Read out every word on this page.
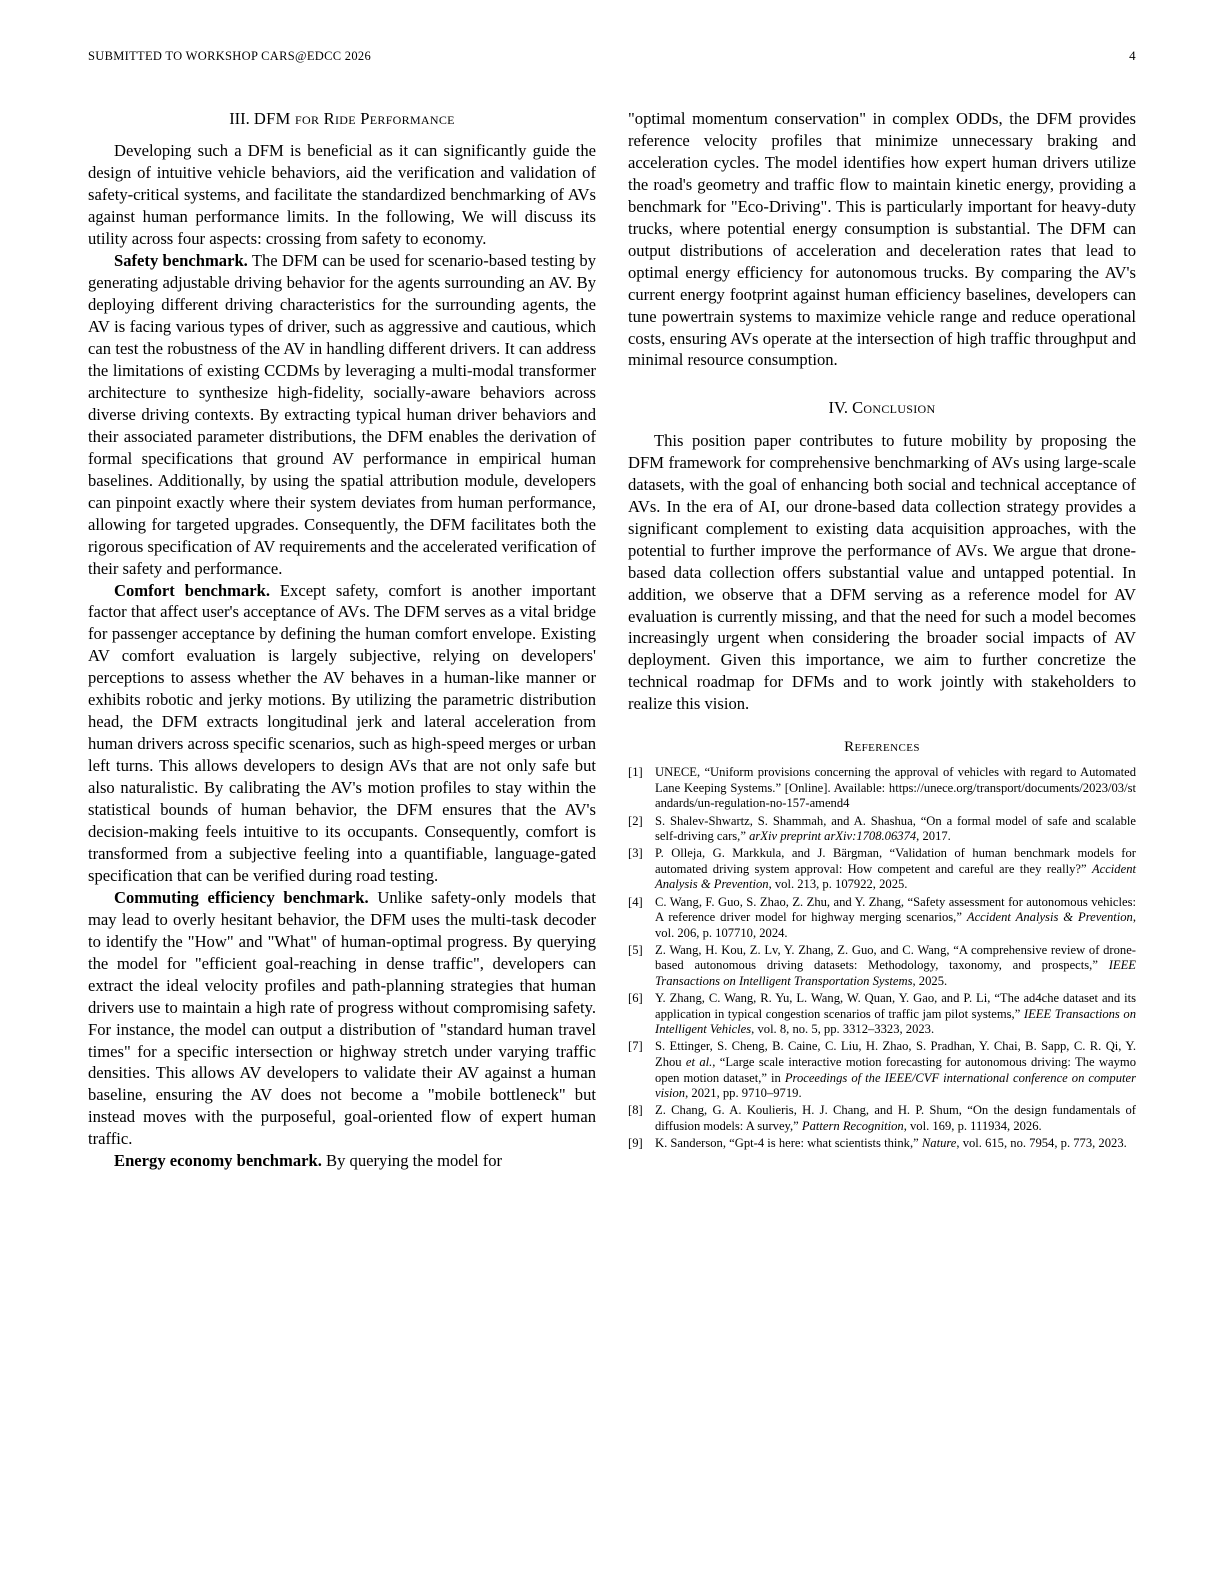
SUBMITTED TO WORKSHOP CARS@EDCC 2026	4
III. DFM for Ride Performance

Developing such a DFM is beneficial as it can significantly guide the design of intuitive vehicle behaviors, aid the verification and validation of safety-critical systems, and facilitate the standardized benchmarking of AVs against human performance limits. In the following, We will discuss its utility across four aspects: crossing from safety to economy.

Safety benchmark. The DFM can be used for scenario-based testing by generating adjustable driving behavior for the agents surrounding an AV. By deploying different driving characteristics for the surrounding agents, the AV is facing various types of driver, such as aggressive and cautious, which can test the robustness of the AV in handling different drivers. It can address the limitations of existing CCDMs by leveraging a multi-modal transformer architecture to synthesize high-fidelity, socially-aware behaviors across diverse driving contexts. By extracting typical human driver behaviors and their associated parameter distributions, the DFM enables the derivation of formal specifications that ground AV performance in empirical human baselines. Additionally, by using the spatial attribution module, developers can pinpoint exactly where their system deviates from human performance, allowing for targeted upgrades. Consequently, the DFM facilitates both the rigorous specification of AV requirements and the accelerated verification of their safety and performance.

Comfort benchmark. Except safety, comfort is another important factor that affect user's acceptance of AVs. The DFM serves as a vital bridge for passenger acceptance by defining the human comfort envelope. Existing AV comfort evaluation is largely subjective, relying on developers' perceptions to assess whether the AV behaves in a human-like manner or exhibits robotic and jerky motions. By utilizing the parametric distribution head, the DFM extracts longitudinal jerk and lateral acceleration from human drivers across specific scenarios, such as high-speed merges or urban left turns. This allows developers to design AVs that are not only safe but also naturalistic. By calibrating the AV's motion profiles to stay within the statistical bounds of human behavior, the DFM ensures that the AV's decision-making feels intuitive to its occupants. Consequently, comfort is transformed from a subjective feeling into a quantifiable, language-gated specification that can be verified during road testing.

Commuting efficiency benchmark. Unlike safety-only models that may lead to overly hesitant behavior, the DFM uses the multi-task decoder to identify the "How" and "What" of human-optimal progress. By querying the model for "efficient goal-reaching in dense traffic", developers can extract the ideal velocity profiles and path-planning strategies that human drivers use to maintain a high rate of progress without compromising safety. For instance, the model can output a distribution of "standard human travel times" for a specific intersection or highway stretch under varying traffic densities. This allows AV developers to validate their AV against a human baseline, ensuring the AV does not become a "mobile bottleneck" but instead moves with the purposeful, goal-oriented flow of expert human traffic.

Energy economy benchmark. By querying the model for

"optimal momentum conservation" in complex ODDs, the DFM provides reference velocity profiles that minimize unnecessary braking and acceleration cycles. The model identifies how expert human drivers utilize the road's geometry and traffic flow to maintain kinetic energy, providing a benchmark for "Eco-Driving". This is particularly important for heavy-duty trucks, where potential energy consumption is substantial. The DFM can output distributions of acceleration and deceleration rates that lead to optimal energy efficiency for autonomous trucks. By comparing the AV's current energy footprint against human efficiency baselines, developers can tune powertrain systems to maximize vehicle range and reduce operational costs, ensuring AVs operate at the intersection of high traffic throughput and minimal resource consumption.

IV. Conclusion

This position paper contributes to future mobility by proposing the DFM framework for comprehensive benchmarking of AVs using large-scale datasets, with the goal of enhancing both social and technical acceptance of AVs. In the era of AI, our drone-based data collection strategy provides a significant complement to existing data acquisition approaches, with the potential to further improve the performance of AVs. We argue that drone-based data collection offers substantial value and untapped potential. In addition, we observe that a DFM serving as a reference model for AV evaluation is currently missing, and that the need for such a model becomes increasingly urgent when considering the broader social impacts of AV deployment. Given this importance, we aim to further concretize the technical roadmap for DFMs and to work jointly with stakeholders to realize this vision.

References
[1] UNECE, “Uniform provisions concerning the approval of vehicles with regard to Automated Lane Keeping Systems.” [Online]. Available: https://unece.org/transport/documents/2023/03/standards/un-regulation-no-157-amend4
[2] S. Shalev-Shwartz, S. Shammah, and A. Shashua, “On a formal model of safe and scalable self-driving cars,” arXiv preprint arXiv:1708.06374, 2017.
[3] P. Olleja, G. Markkula, and J. Bärgman, “Validation of human benchmark models for automated driving system approval: How competent and careful are they really?” Accident Analysis & Prevention, vol. 213, p. 107922, 2025.
[4] C. Wang, F. Guo, S. Zhao, Z. Zhu, and Y. Zhang, “Safety assessment for autonomous vehicles: A reference driver model for highway merging scenarios,” Accident Analysis & Prevention, vol. 206, p. 107710, 2024.
[5] Z. Wang, H. Kou, Z. Lv, Y. Zhang, Z. Guo, and C. Wang, “A comprehensive review of drone-based autonomous driving datasets: Methodology, taxonomy, and prospects,” IEEE Transactions on Intelligent Transportation Systems, 2025.
[6] Y. Zhang, C. Wang, R. Yu, L. Wang, W. Quan, Y. Gao, and P. Li, “The ad4che dataset and its application in typical congestion scenarios of traffic jam pilot systems,” IEEE Transactions on Intelligent Vehicles, vol. 8, no. 5, pp. 3312–3323, 2023.
[7] S. Ettinger, S. Cheng, B. Caine, C. Liu, H. Zhao, S. Pradhan, Y. Chai, B. Sapp, C. R. Qi, Y. Zhou et al., “Large scale interactive motion forecasting for autonomous driving: The waymo open motion dataset,” in Proceedings of the IEEE/CVF international conference on computer vision, 2021, pp. 9710–9719.
[8] Z. Chang, G. A. Koulieris, H. J. Chang, and H. P. Shum, “On the design fundamentals of diffusion models: A survey,” Pattern Recognition, vol. 169, p. 111934, 2026.
[9] K. Sanderson, “Gpt-4 is here: what scientists think,” Nature, vol. 615, no. 7954, p. 773, 2023.
